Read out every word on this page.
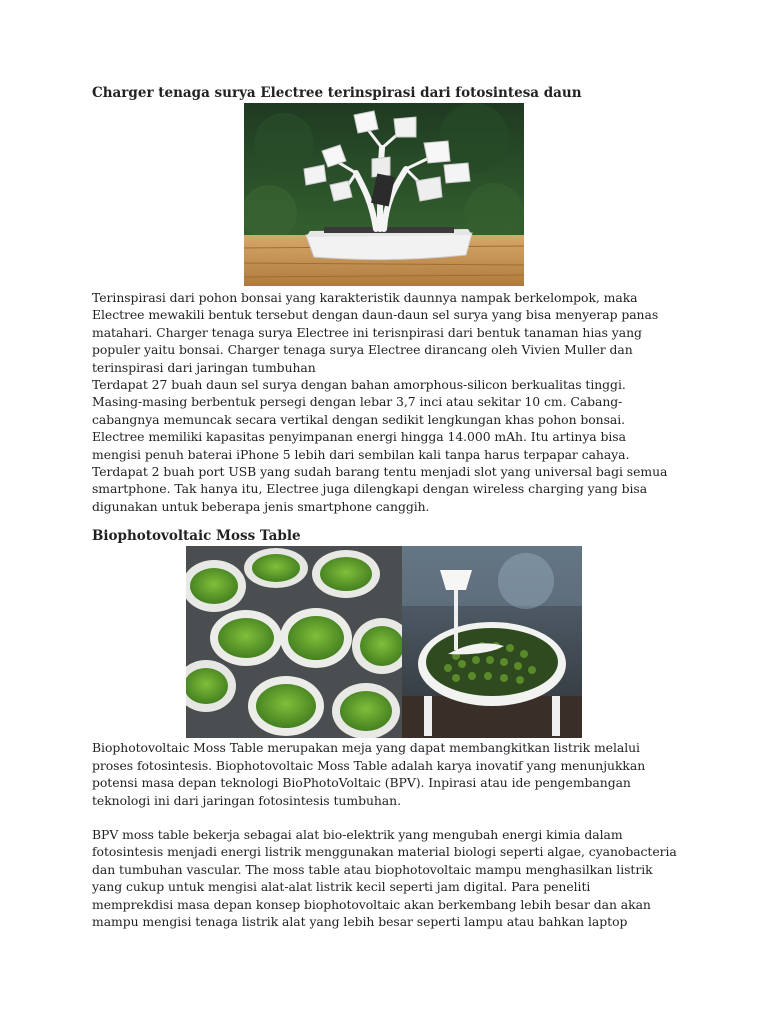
Charger tenaga surya Electree terinspirasi dari fotosintesa daun
Terinspirasi dari pohon bonsai yang karakteristik daunnya nampak berkelompok, maka
Electree mewakili bentuk tersebut dengan daun-daun sel surya yang bisa menyerap panas
matahari. Charger tenaga surya Electree ini terisnpirasi dari bentuk tanaman hias yang
populer yaitu bonsai. Charger tenaga surya Electree dirancang oleh Vivien Muller dan
terinspirasi dari jaringan tumbuhan
Terdapat 27 buah daun sel surya dengan bahan amorphous-silicon berkualitas tinggi.
Masing-masing berbentuk persegi dengan lebar 3,7 inci atau sekitar 10 cm. Cabang-
cabangnya memuncak secara vertikal dengan sedikit lengkungan khas pohon bonsai.
Electree memiliki kapasitas penyimpanan energi hingga 14.000 mAh. Itu artinya bisa
mengisi penuh baterai iPhone 5 lebih dari sembilan kali tanpa harus terpapar cahaya.
Terdapat 2 buah port USB yang sudah barang tentu menjadi slot yang universal bagi semua
smartphone. Tak hanya itu, Electree juga dilengkapi dengan wireless charging yang bisa
digunakan untuk beberapa jenis smartphone canggih.
Biophotovoltaic Moss Table
Biophotovoltaic Moss Table merupakan meja yang dapat membangkitkan listrik melalui
proses fotosintesis. Biophotovoltaic Moss Table adalah karya inovatif yang menunjukkan
potensi masa depan teknologi BioPhotoVoltaic (BPV). Inpirasi atau ide pengembangan
teknologi ini dari jaringan fotosintesis tumbuhan.
BPV moss table bekerja sebagai alat bio-elektrik yang mengubah energi kimia dalam
fotosintesis menjadi energi listrik menggunakan material biologi seperti algae, cyanobacteria
dan tumbuhan vascular. The moss table atau biophotovoltaic mampu menghasilkan listrik
yang cukup untuk mengisi alat-alat listrik kecil seperti jam digital. Para peneliti
memprekdisi masa depan konsep biophotovoltaic akan berkembang lebih besar dan akan
mampu mengisi tenaga listrik alat yang lebih besar seperti lampu atau bahkan laptop
